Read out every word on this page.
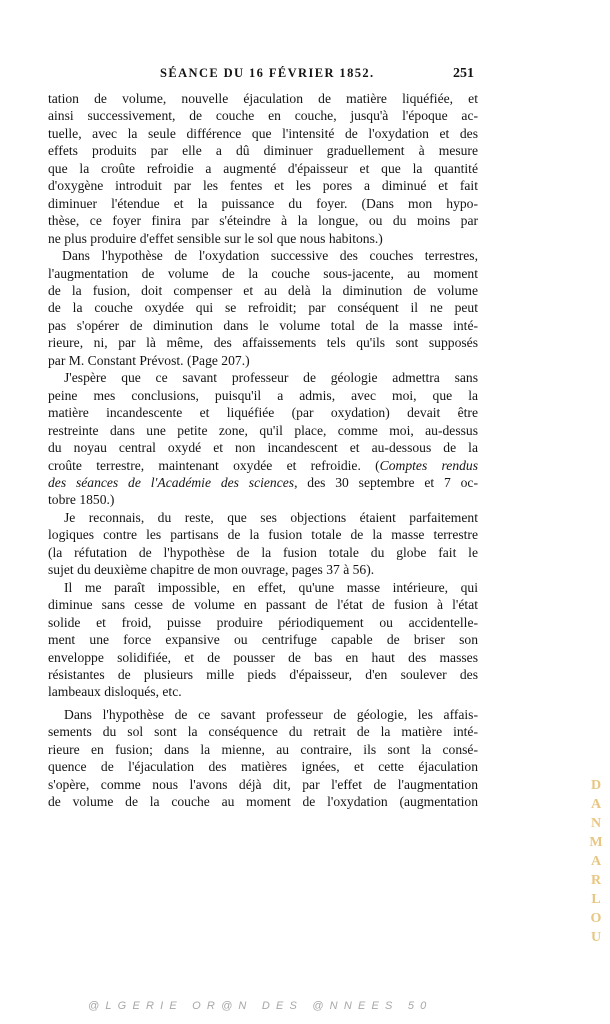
SÉANCE DU 16 FÉVRIER 1852.	251

tation de volume, nouvelle éjaculation de matière liquéfiée, et
ainsi successivement, de couche en couche, jusqu'à l'époque ac-
tuelle, avec la seule différence que l'intensité de l'oxydation et des
effets produits par elle a dû diminuer graduellement à mesure
que la croûte refroidie a augmenté d'épaisseur et que la quantité
d'oxygène introduit par les fentes et les pores a diminué et fait
diminuer l'étendue et la puissance du foyer. (Dans mon hypo-
thèse, ce foyer finira par s'éteindre à la longue, ou du moins par
ne plus produire d'effet sensible sur le sol que nous habitons.)

Dans l'hypothèse de l'oxydation successive des couches terrestres,
l'augmentation de volume de la couche sous-jacente, au moment
de la fusion, doit compenser et au delà la diminution de volume
de la couche oxydée qui se refroidit; par conséquent il ne peut
pas s'opérer de diminution dans le volume total de la masse inté-
rieure, ni, par là même, des affaissements tels qu'ils sont supposés
par M. Constant Prévost. (Page 207.)

J'espère que ce savant professeur de géologie admettra sans
peine mes conclusions, puisqu'il a admis, avec moi, que la
matière incandescente et liquéfiée (par oxydation) devait être
restreinte dans une petite zone, qu'il place, comme moi, au-dessus
du noyau central oxydé et non incandescent et au-dessous de la
croûte terrestre, maintenant oxydée et refroidie. (Comptes rendus
des séances de l'Académie des sciences, des 30 septembre et 7 oc-
tobre 1850.)

Je reconnais, du reste, que ses objections étaient parfaitement
logiques contre les partisans de la fusion totale de la masse terrestre
(la réfutation de l'hypothèse de la fusion totale du globe fait le
sujet du deuxième chapitre de mon ouvrage, pages 37 à 56).

Il me paraît impossible, en effet, qu'une masse intérieure, qui
diminue sans cesse de volume en passant de l'état de fusion à l'état
solide et froid, puisse produire périodiquement ou accidentelle-
ment une force expansive ou centrifuge capable de briser son
enveloppe solidifiée, et de pousser de bas en haut des masses
résistantes de plusieurs mille pieds d'épaisseur, d'en soulever des
lambeaux disloqués, etc.

Dans l'hypothèse de ce savant professeur de géologie, les affais-
sements du sol sont la conséquence du retrait de la matière inté-
rieure en fusion; dans la mienne, au contraire, ils sont la consé-
quence de l'éjaculation des matières ignées, et cette éjaculation
s'opère, comme nous l'avons déjà dit, par l'effet de l'augmentation
de volume de la couche au moment de l'oxydation (augmentation

D
A
N
M
A
R
L
O
U
@LGERIE OR@N DES @NNEES 50
